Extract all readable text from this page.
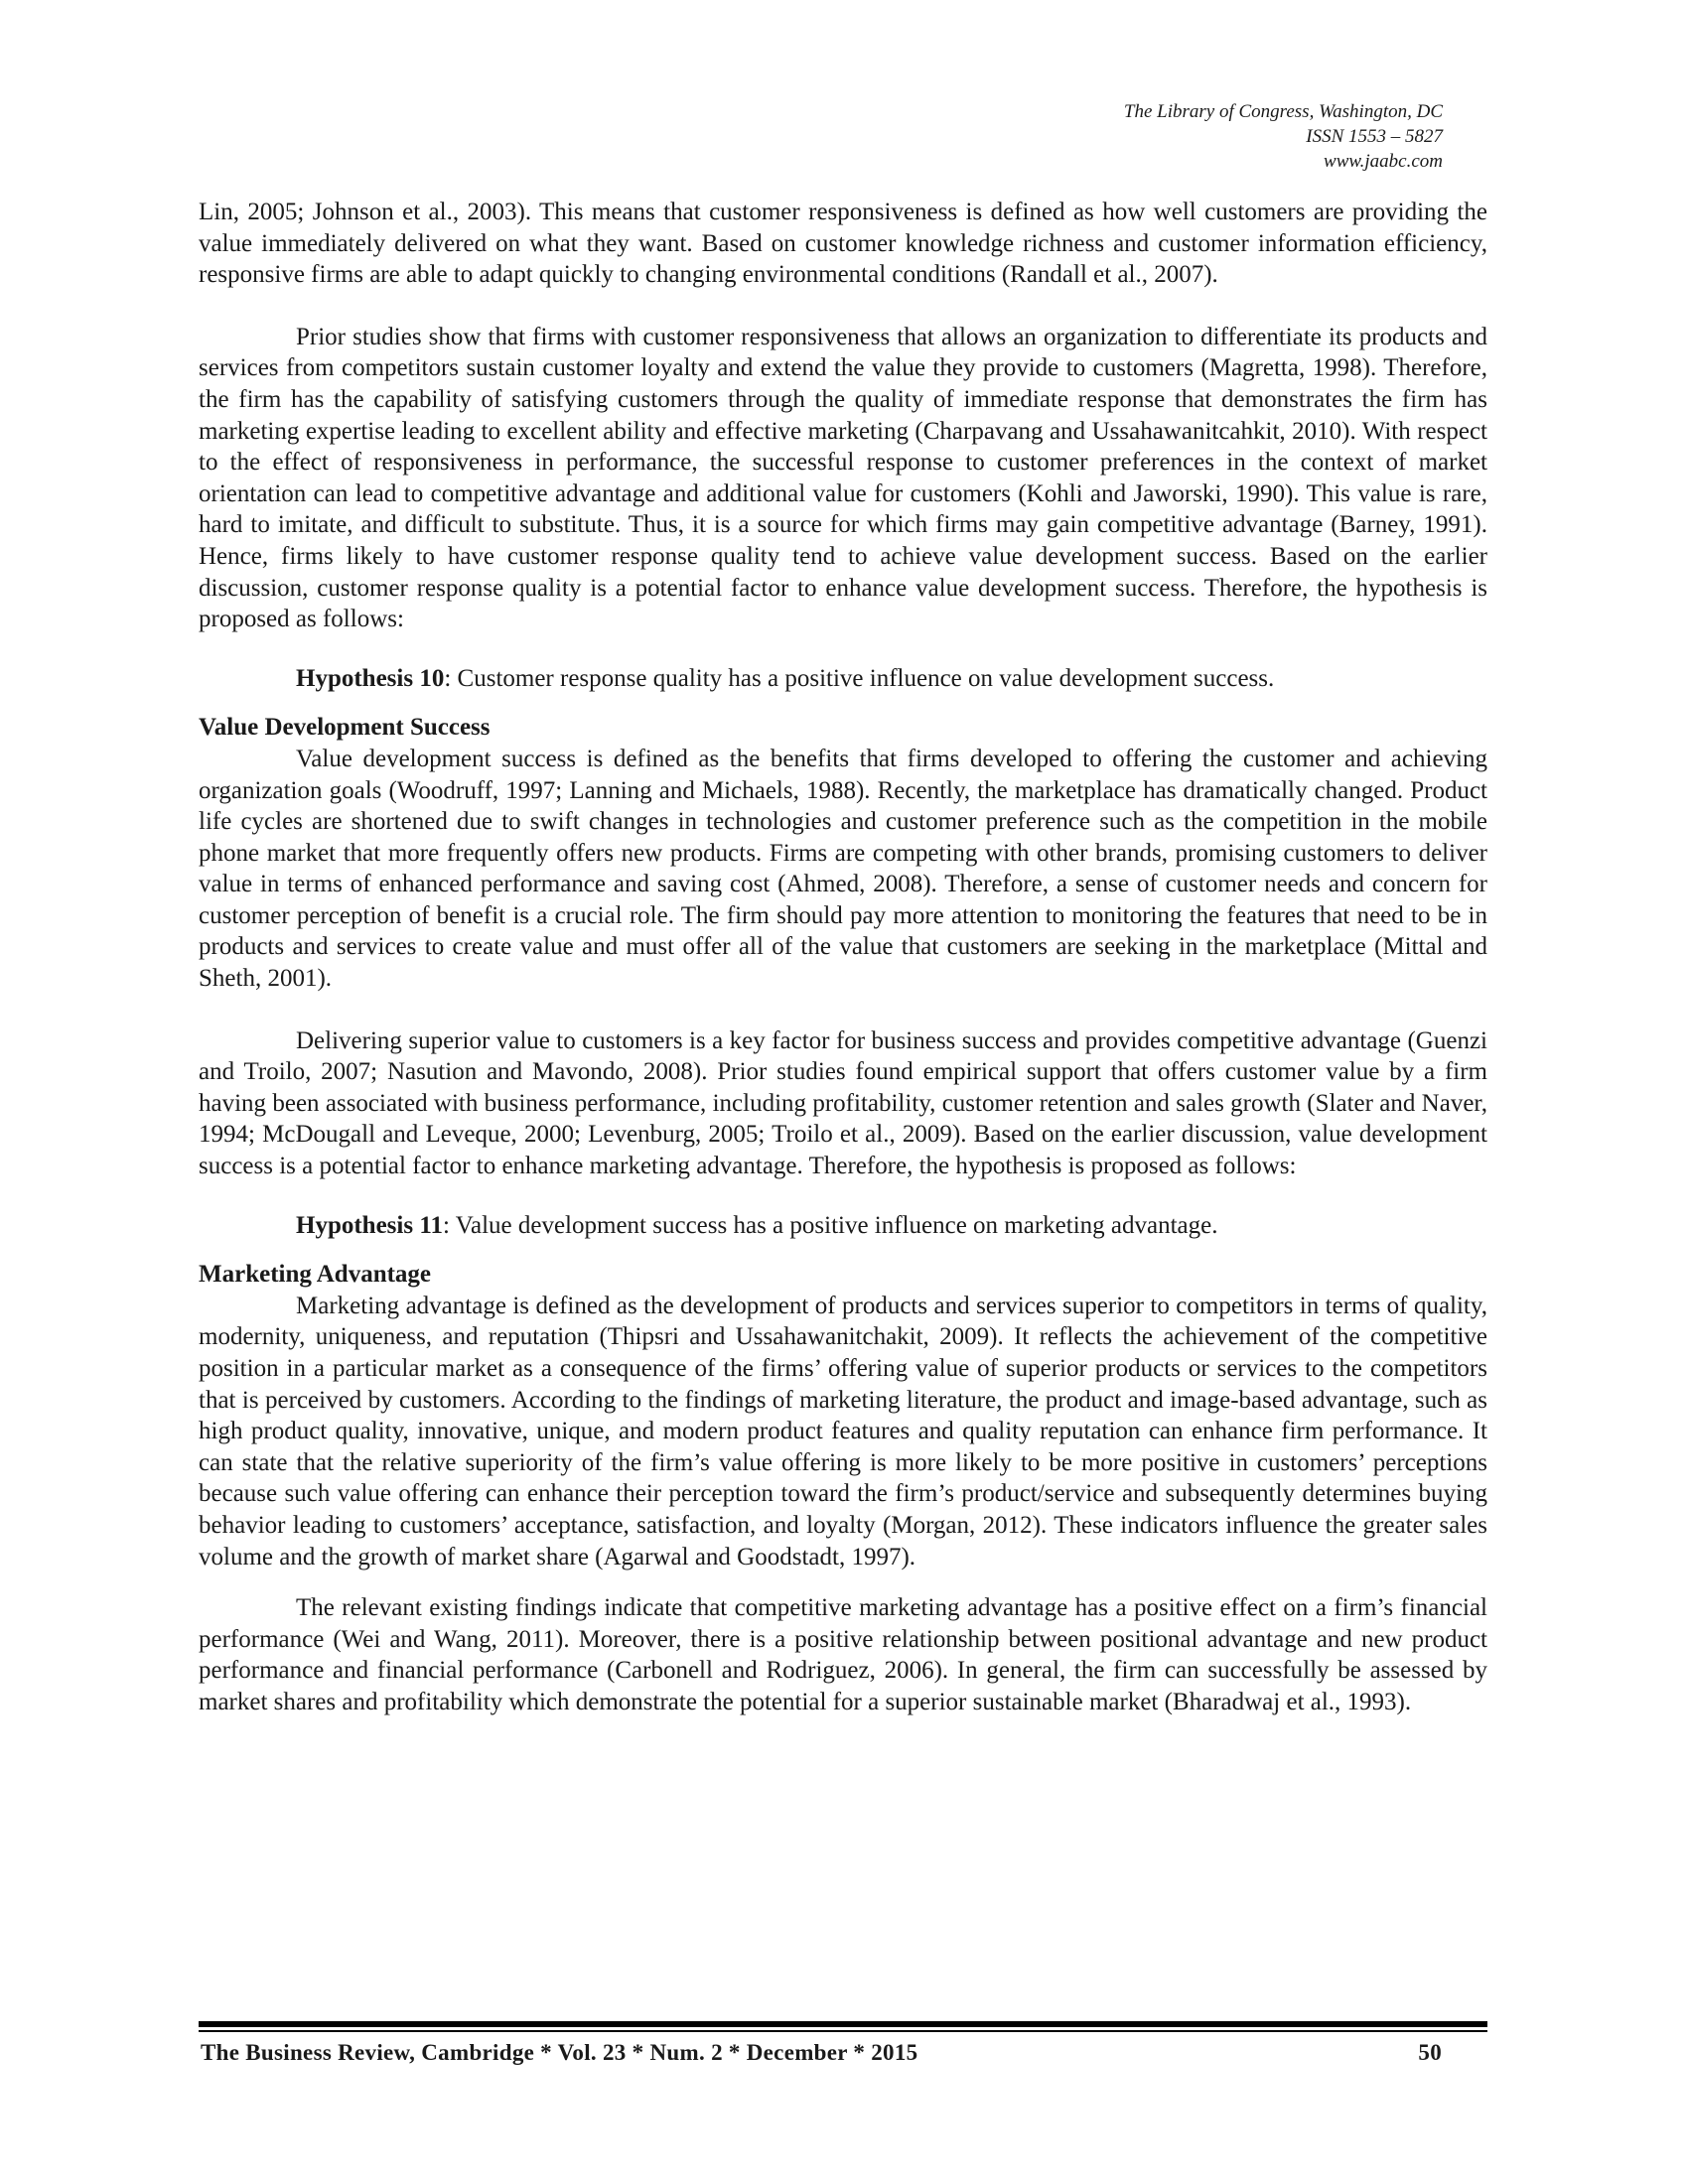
The Library of Congress, Washington, DC
ISSN 1553 – 5827
www.jaabc.com

Lin, 2005; Johnson et al., 2003). This means that customer responsiveness is defined as how well customers are providing the value immediately delivered on what they want. Based on customer knowledge richness and customer information efficiency, responsive firms are able to adapt quickly to changing environmental conditions (Randall et al., 2007).

Prior studies show that firms with customer responsiveness that allows an organization to differentiate its products and services from competitors sustain customer loyalty and extend the value they provide to customers (Magretta, 1998). Therefore, the firm has the capability of satisfying customers through the quality of immediate response that demonstrates the firm has marketing expertise leading to excellent ability and effective marketing (Charpavang and Ussahawanitcahkit, 2010). With respect to the effect of responsiveness in performance, the successful response to customer preferences in the context of market orientation can lead to competitive advantage and additional value for customers (Kohli and Jaworski, 1990). This value is rare, hard to imitate, and difficult to substitute. Thus, it is a source for which firms may gain competitive advantage (Barney, 1991). Hence, firms likely to have customer response quality tend to achieve value development success. Based on the earlier discussion, customer response quality is a potential factor to enhance value development success. Therefore, the hypothesis is proposed as follows:

Hypothesis 10: Customer response quality has a positive influence on value development success.

Value Development Success

Value development success is defined as the benefits that firms developed to offering the customer and achieving organization goals (Woodruff, 1997; Lanning and Michaels, 1988). Recently, the marketplace has dramatically changed. Product life cycles are shortened due to swift changes in technologies and customer preference such as the competition in the mobile phone market that more frequently offers new products. Firms are competing with other brands, promising customers to deliver value in terms of enhanced performance and saving cost (Ahmed, 2008). Therefore, a sense of customer needs and concern for customer perception of benefit is a crucial role. The firm should pay more attention to monitoring the features that need to be in products and services to create value and must offer all of the value that customers are seeking in the marketplace (Mittal and Sheth, 2001).

Delivering superior value to customers is a key factor for business success and provides competitive advantage (Guenzi and Troilo, 2007; Nasution and Mavondo, 2008). Prior studies found empirical support that offers customer value by a firm having been associated with business performance, including profitability, customer retention and sales growth (Slater and Naver, 1994; McDougall and Leveque, 2000; Levenburg, 2005; Troilo et al., 2009). Based on the earlier discussion, value development success is a potential factor to enhance marketing advantage. Therefore, the hypothesis is proposed as follows:

Hypothesis 11: Value development success has a positive influence on marketing advantage.

Marketing Advantage

Marketing advantage is defined as the development of products and services superior to competitors in terms of quality, modernity, uniqueness, and reputation (Thipsri and Ussahawanitchakit, 2009). It reflects the achievement of the competitive position in a particular market as a consequence of the firms’ offering value of superior products or services to the competitors that is perceived by customers. According to the findings of marketing literature, the product and image-based advantage, such as high product quality, innovative, unique, and modern product features and quality reputation can enhance firm performance. It can state that the relative superiority of the firm’s value offering is more likely to be more positive in customers’ perceptions because such value offering can enhance their perception toward the firm’s product/service and subsequently determines buying behavior leading to customers’ acceptance, satisfaction, and loyalty (Morgan, 2012). These indicators influence the greater sales volume and the growth of market share (Agarwal and Goodstadt, 1997).

The relevant existing findings indicate that competitive marketing advantage has a positive effect on a firm’s financial performance (Wei and Wang, 2011). Moreover, there is a positive relationship between positional advantage and new product performance and financial performance (Carbonell and Rodriguez, 2006). In general, the firm can successfully be assessed by market shares and profitability which demonstrate the potential for a superior sustainable market (Bharadwaj et al., 1993).

The Business Review, Cambridge * Vol. 23 * Num. 2 * December * 2015	50
